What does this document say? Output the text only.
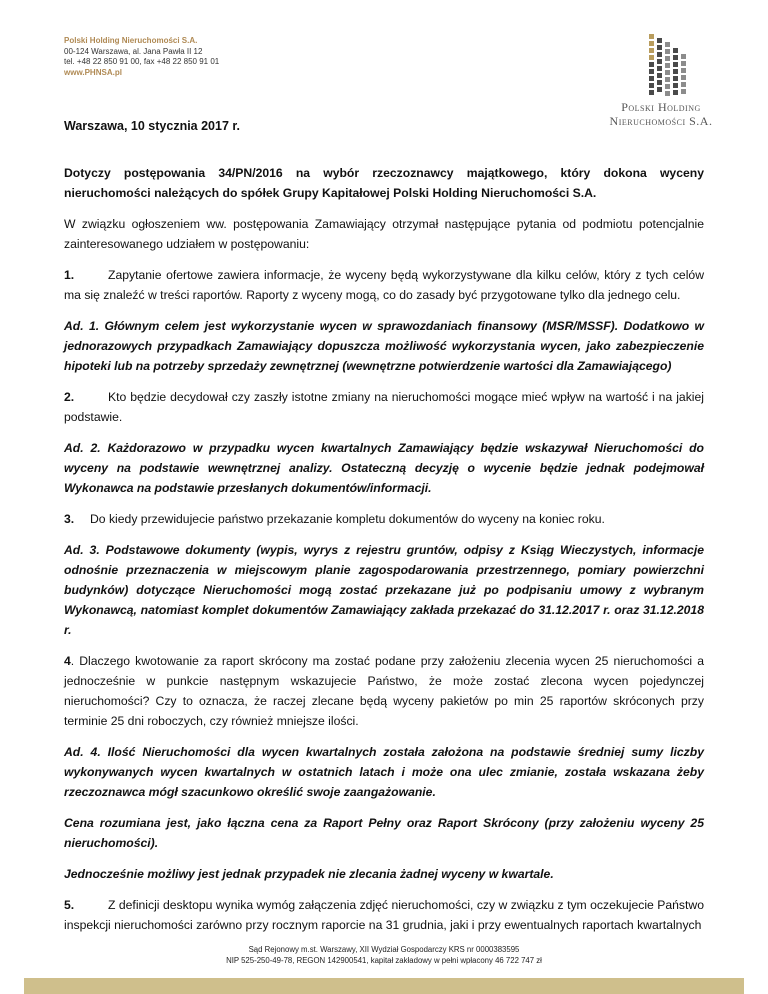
Polski Holding Nieruchomości S.A.
00-124 Warszawa, al. Jana Pawła II 12
tel. +48 22 850 91 00, fax +48 22 850 91 01
www.PHNSA.pl
Polski Holding
Nieruchomości S.A.
Warszawa, 10 stycznia 2017 r.

Dotyczy postępowania 34/PN/2016 na wybór rzeczoznawcy majątkowego, który dokona wyceny nieruchomości należących do spółek Grupy Kapitałowej Polski Holding Nieruchomości S.A.

W związku ogłoszeniem ww. postępowania Zamawiający otrzymał następujące pytania od podmiotu potencjalnie zainteresowanego udziałem w postępowaniu:

1.	Zapytanie ofertowe zawiera informacje, że wyceny będą wykorzystywane dla kilku celów, który z tych celów ma się znaleźć w treści raportów. Raporty z wyceny mogą, co do zasady być przygotowane tylko dla jednego celu.

Ad. 1. Głównym celem jest wykorzystanie wycen w sprawozdaniach finansowy (MSR/MSSF). Dodatkowo w jednorazowych przypadkach Zamawiający dopuszcza możliwość wykorzystania wycen, jako zabezpieczenie hipoteki lub na potrzeby sprzedaży zewnętrznej (wewnętrzne potwierdzenie wartości dla Zamawiającego)

2.	Kto będzie decydował czy zaszły istotne zmiany na nieruchomości mogące mieć wpływ na wartość i na jakiej podstawie.

Ad. 2. Każdorazowo w przypadku wycen kwartalnych Zamawiający będzie wskazywał Nieruchomości do wyceny na podstawie wewnętrznej analizy. Ostateczną decyzję o wycenie będzie jednak podejmował Wykonawca na podstawie przesłanych dokumentów/informacji.

3. Do kiedy przewidujecie państwo przekazanie kompletu dokumentów do wyceny na koniec roku.

Ad. 3. Podstawowe dokumenty (wypis, wyrys z rejestru gruntów, odpisy z Ksiąg Wieczystych, informacje odnośnie przeznaczenia w miejscowym planie zagospodarowania przestrzennego, pomiary powierzchni budynków) dotyczące Nieruchomości mogą zostać przekazane już po podpisaniu umowy z wybranym Wykonawcą, natomiast komplet dokumentów Zamawiający zakłada przekazać do 31.12.2017 r. oraz 31.12.2018 r.

4. Dlaczego kwotowanie za raport skrócony ma zostać podane przy założeniu zlecenia wycen 25 nieruchomości a jednocześnie w punkcie następnym wskazujecie Państwo, że może zostać zlecona wycen pojedynczej nieruchomości? Czy to oznacza, że raczej zlecane będą wyceny pakietów po min 25 raportów skróconych przy terminie 25 dni roboczych, czy również mniejsze ilości.

Ad. 4. Ilość Nieruchomości dla wycen kwartalnych została założona na podstawie średniej sumy liczby wykonywanych wycen kwartalnych w ostatnich latach i może ona ulec zmianie, została wskazana żeby rzeczoznawca mógł szacunkowo określić swoje zaangażowanie.

Cena rozumiana jest, jako łączna cena za Raport Pełny oraz Raport Skrócony (przy założeniu wyceny 25 nieruchomości).

Jednocześnie możliwy jest jednak przypadek nie zlecania żadnej wyceny w kwartale.

5.	Z definicji desktopu wynika wymóg załączenia zdjęć nieruchomości, czy w związku z tym oczekujecie Państwo inspekcji nieruchomości zarówno przy rocznym raporcie na 31 grudnia, jaki i przy ewentualnych raportach kwartalnych

Sąd Rejonowy m.st. Warszawy, XII Wydział Gospodarczy KRS nr 0000383595
NIP 525-250-49-78, REGON 142900541, kapitał zakładowy w pełni wpłacony 46 722 747 zł
